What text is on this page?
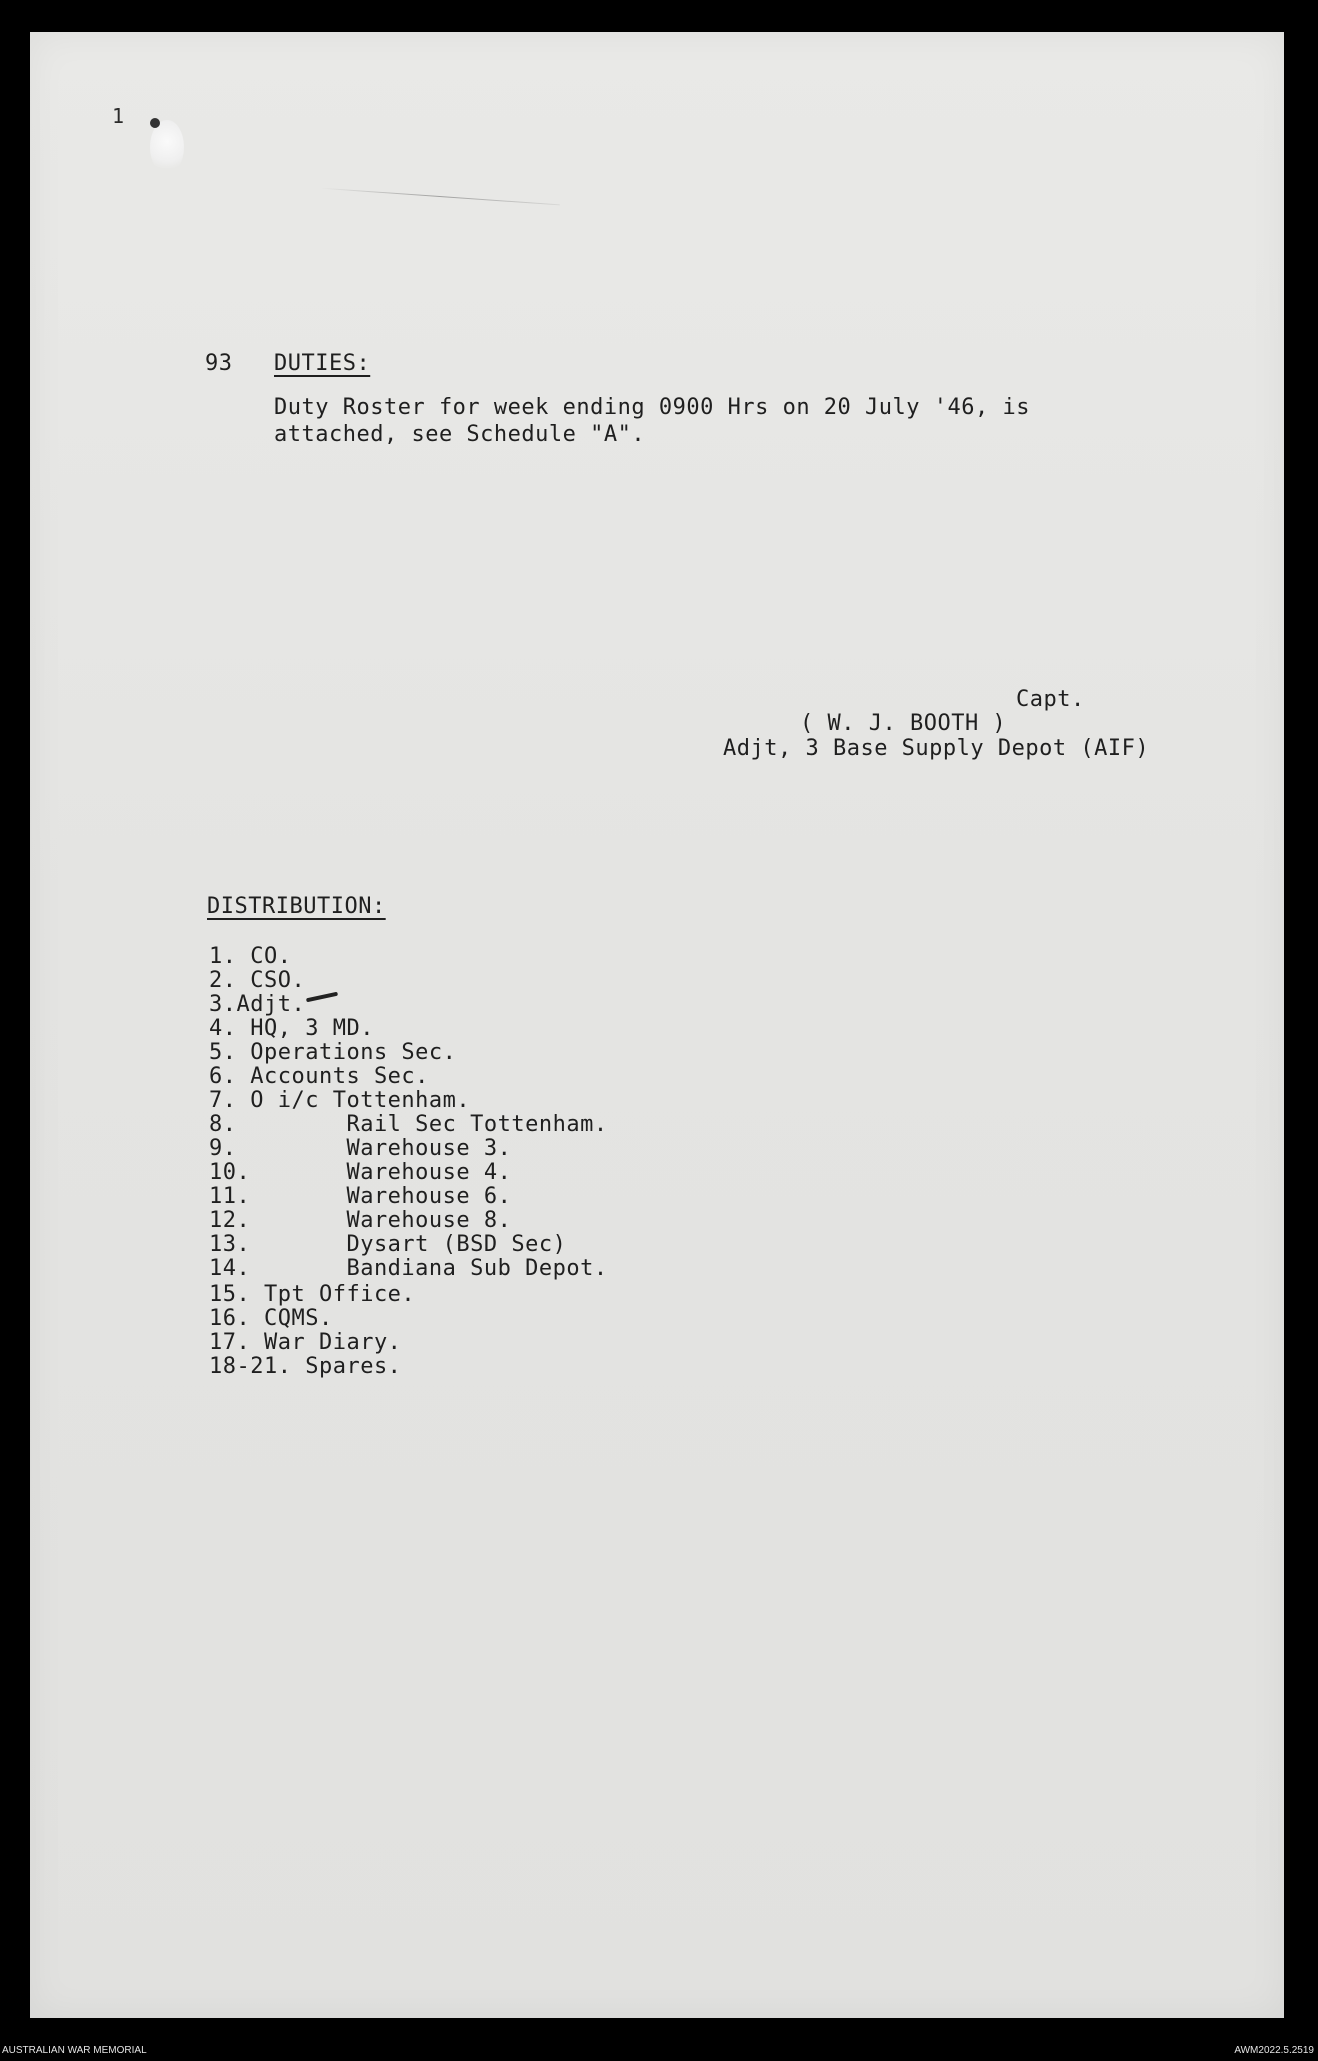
1
93 DUTIES:
Duty Roster for week ending 0900 Hrs on 20 July '46, is
attached, see Schedule "A".
Capt.
( W. J. BOOTH )
Adjt, 3 Base Supply Depot (AIF)
DISTRIBUTION:
1. CO.
2. CSO.
3.Adjt.
4. HQ, 3 MD.
5. Operations Sec.
6. Accounts Sec.
7. O i/c Tottenham.
8.        Rail Sec Tottenham.
9.        Warehouse 3.
10.       Warehouse 4.
11.       Warehouse 6.
12.       Warehouse 8.
13.       Dysart (BSD Sec)
14.       Bandiana Sub Depot.
15. Tpt Office.
16. CQMS.
17. War Diary.
18-21. Spares.
AUSTRALIAN WAR MEMORIAL	AWM2022.5.2519
